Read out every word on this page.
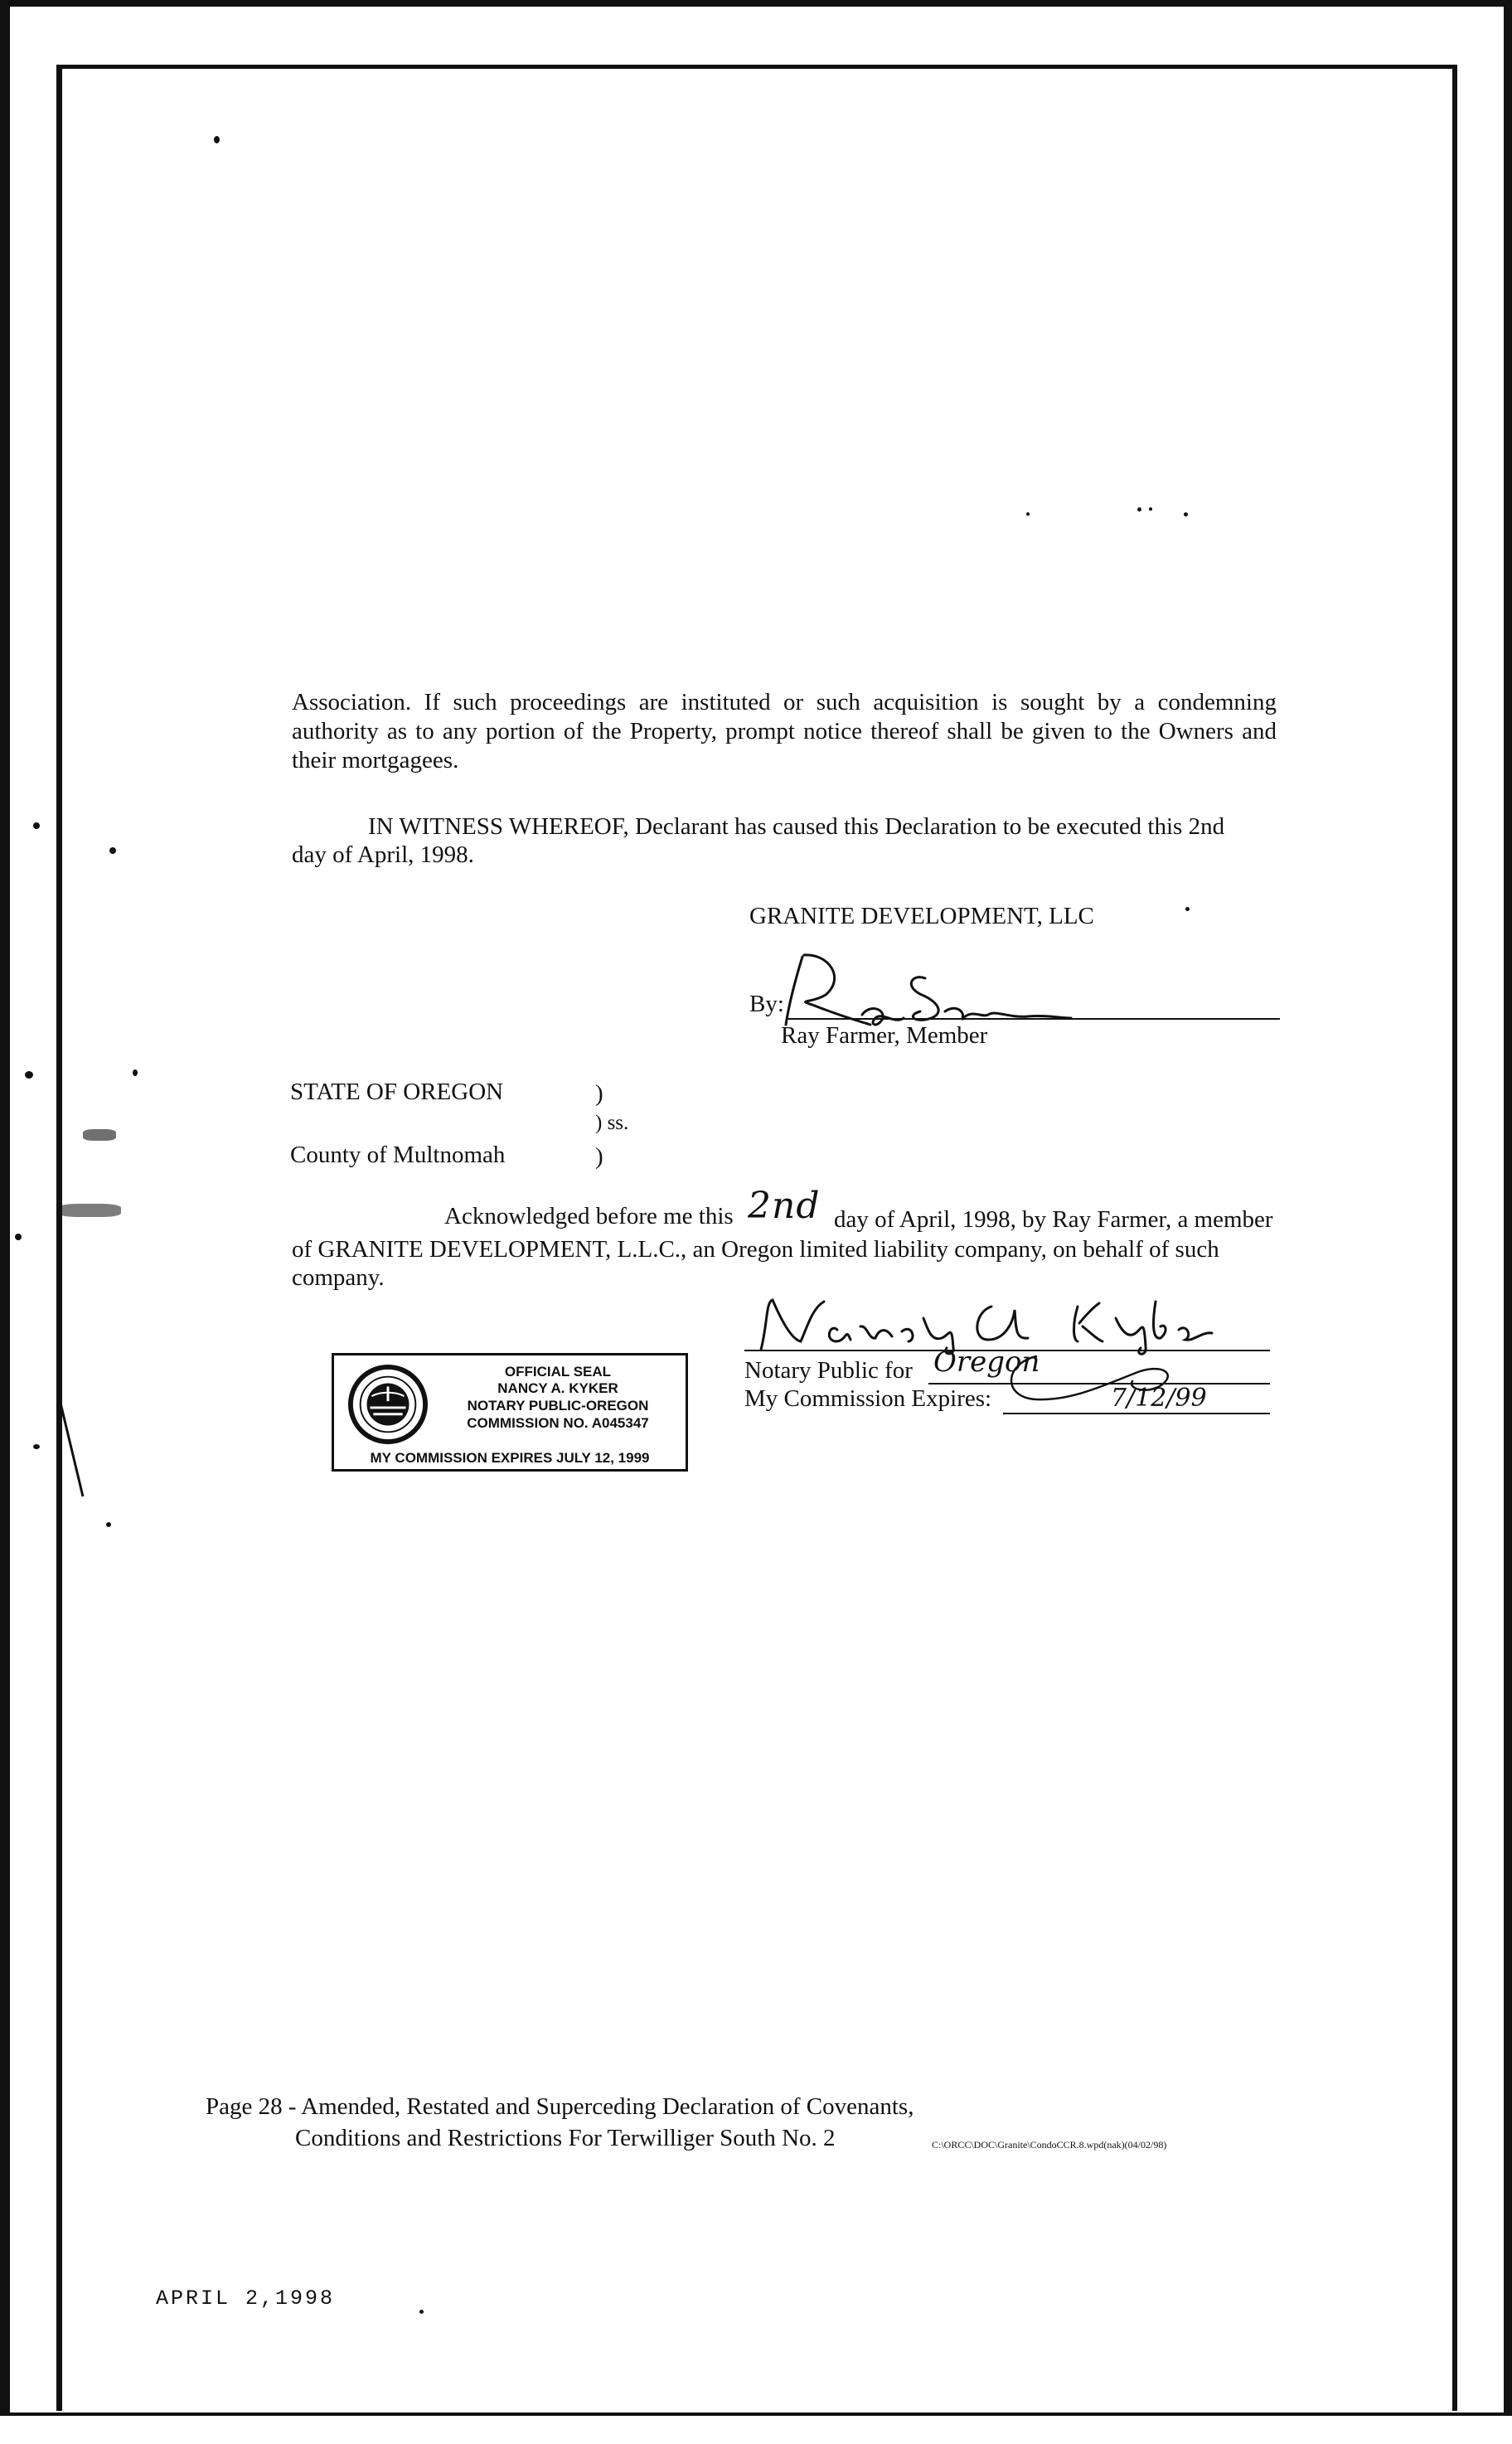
Association. If such proceedings are instituted or such acquisition is sought by a condemning authority as to any portion of the Property, prompt notice thereof shall be given to the Owners and their mortgagees.
IN WITNESS WHEREOF, Declarant has caused this Declaration to be executed this 2nd
day of April, 1998.
GRANITE DEVELOPMENT, LLC
By:
Ray Farmer, Member
STATE OF OREGON	)
) ss.
County of Multnomah	)
Acknowledged before me this 2nd day of April, 1998, by Ray Farmer, a member
of GRANITE DEVELOPMENT, L.L.C., an Oregon limited liability company, on behalf of such
company.
Notary Public for Oregon
My Commission Expires:	7/12/99
OFFICIAL SEAL
NANCY A. KYKER
NOTARY PUBLIC-OREGON
COMMISSION NO. A045347
MY COMMISSION EXPIRES JULY 12, 1999
Page 28 - Amended, Restated and Superceding Declaration of Covenants,
Conditions and Restrictions For Terwilliger South No. 2	C:\ORCC\DOC\Granite\CondoCCR.8.wpd(nak)(04/02/98)
APRIL 2,1998
